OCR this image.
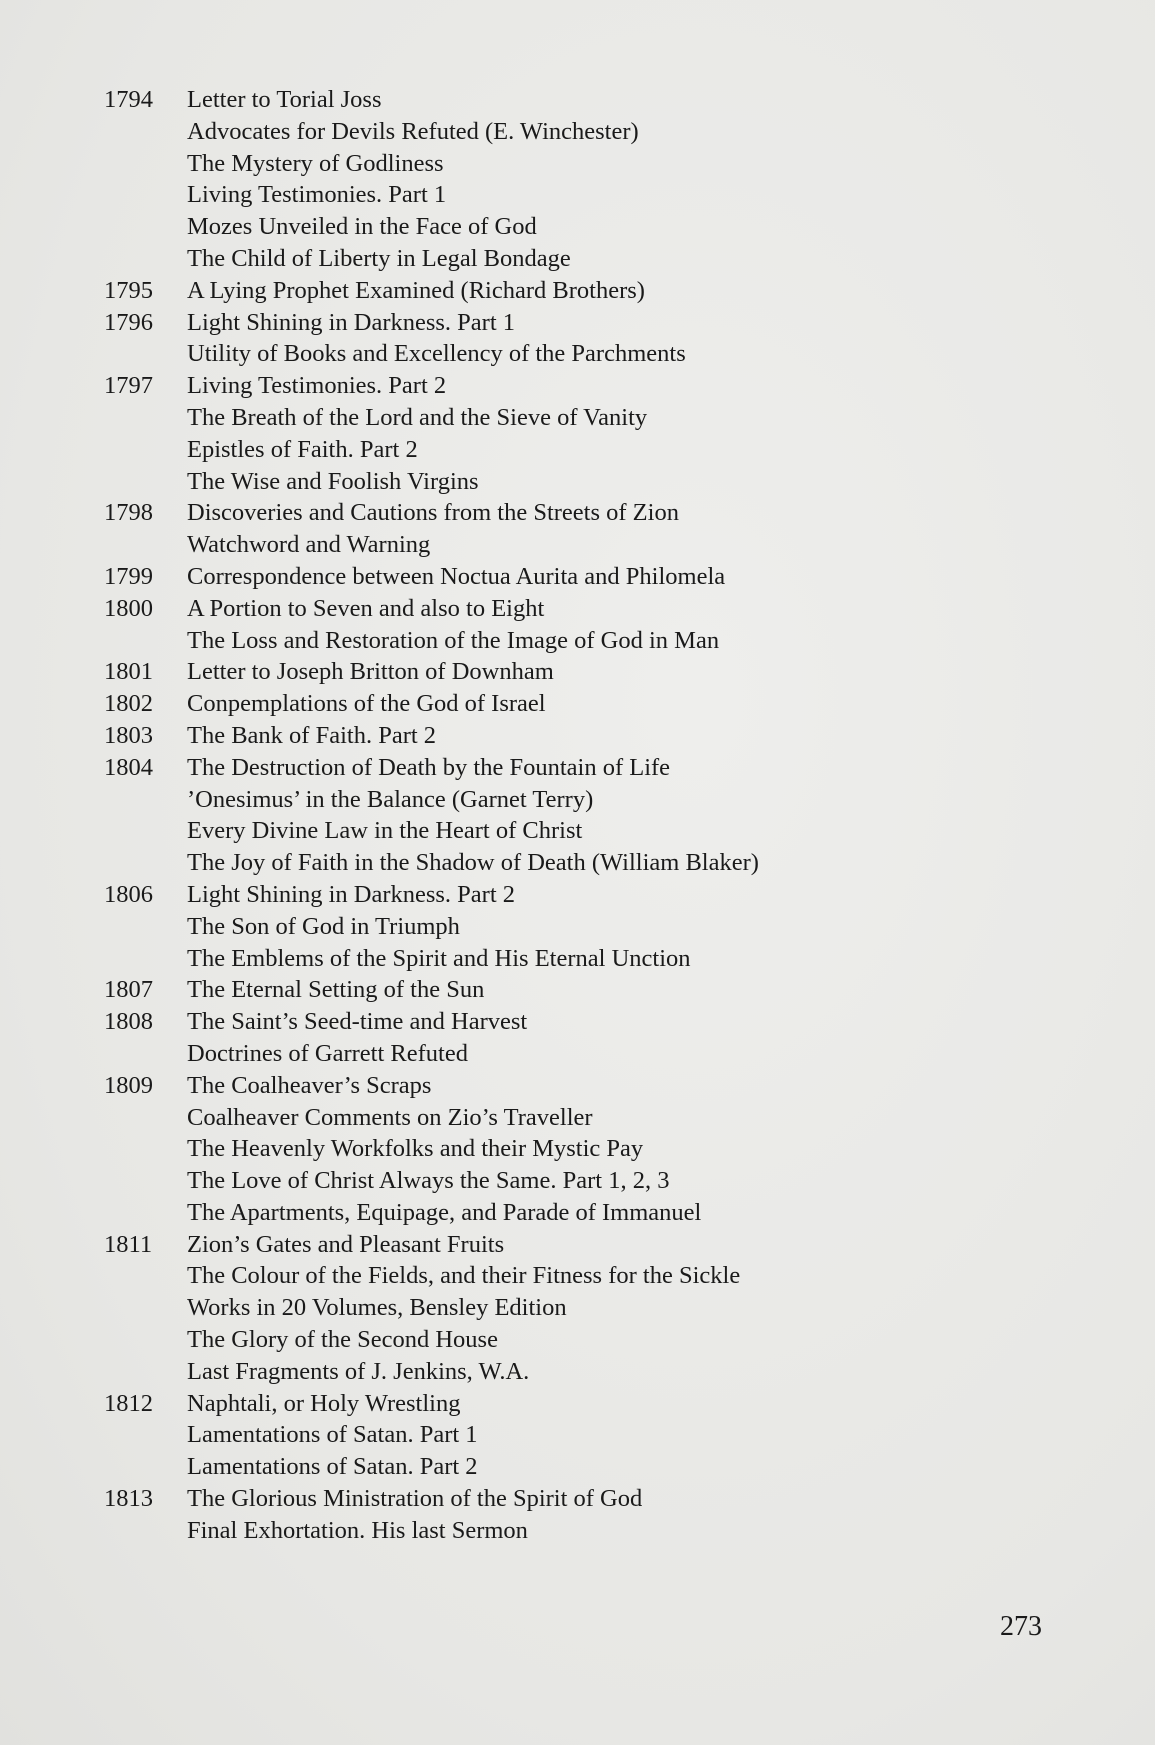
1794	Letter to Torial Joss
Advocates for Devils Refuted (E. Winchester)
The Mystery of Godliness
Living Testimonies. Part 1
Mozes Unveiled in the Face of God
The Child of Liberty in Legal Bondage
1795	A Lying Prophet Examined (Richard Brothers)
1796	Light Shining in Darkness. Part 1
Utility of Books and Excellency of the Parchments
1797	Living Testimonies. Part 2
The Breath of the Lord and the Sieve of Vanity
Epistles of Faith. Part 2
The Wise and Foolish Virgins
1798	Discoveries and Cautions from the Streets of Zion
Watchword and Warning
1799	Correspondence between Noctua Aurita and Philomela
1800	A Portion to Seven and also to Eight
The Loss and Restoration of the Image of God in Man
1801	Letter to Joseph Britton of Downham
1802	Conpemplations of the God of Israel
1803	The Bank of Faith. Part 2
1804	The Destruction of Death by the Fountain of Life
’Onesimus’ in the Balance (Garnet Terry)
Every Divine Law in the Heart of Christ
The Joy of Faith in the Shadow of Death (William Blaker)
1806	Light Shining in Darkness. Part 2
The Son of God in Triumph
The Emblems of the Spirit and His Eternal Unction
1807	The Eternal Setting of the Sun
1808	The Saint’s Seed-time and Harvest
Doctrines of Garrett Refuted
1809	The Coalheaver’s Scraps
Coalheaver Comments on Zio’s Traveller
The Heavenly Workfolks and their Mystic Pay
The Love of Christ Always the Same. Part 1, 2, 3
The Apartments, Equipage, and Parade of Immanuel
1811	Zion’s Gates and Pleasant Fruits
The Colour of the Fields, and their Fitness for the Sickle
Works in 20 Volumes, Bensley Edition
The Glory of the Second House
Last Fragments of J. Jenkins, W.A.
1812	Naphtali, or Holy Wrestling
Lamentations of Satan. Part 1
Lamentations of Satan. Part 2
1813	The Glorious Ministration of the Spirit of God
Final Exhortation. His last Sermon
273
